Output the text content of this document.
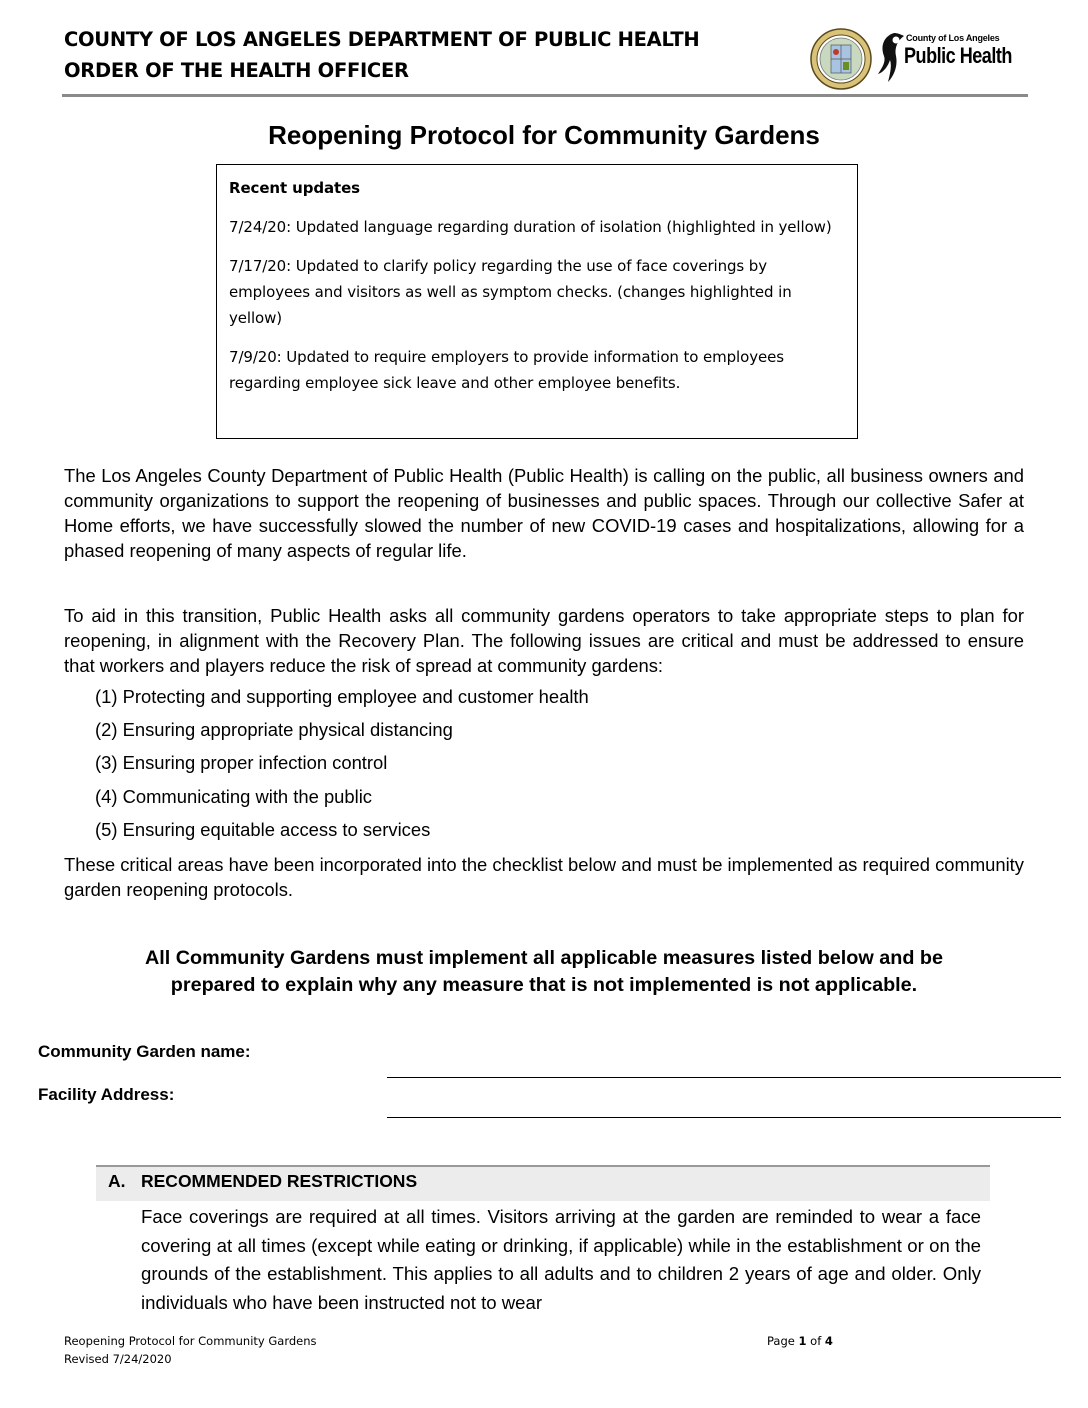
COUNTY OF LOS ANGELES DEPARTMENT OF PUBLIC HEALTH
ORDER OF THE HEALTH OFFICER
County of Los Angeles
Public Health
Reopening Protocol for Community Gardens
Recent updates

7/24/20: Updated language regarding duration of isolation (highlighted in yellow)

7/17/20: Updated to clarify policy regarding the use of face coverings by employees and visitors as well as symptom checks. (changes highlighted in yellow)

7/9/20: Updated to require employers to provide information to employees regarding employee sick leave and other employee benefits.

The Los Angeles County Department of Public Health (Public Health) is calling on the public, all business owners and community organizations to support the reopening of businesses and public spaces. Through our collective Safer at Home efforts, we have successfully slowed the number of new COVID-19 cases and hospitalizations, allowing for a phased reopening of many aspects of regular life.
To aid in this transition, Public Health asks all community gardens operators to take appropriate steps to plan for reopening, in alignment with the Recovery Plan. The following issues are critical and must be addressed to ensure that workers and players reduce the risk of spread at community gardens:
(1) Protecting and supporting employee and customer health
(2) Ensuring appropriate physical distancing
(3) Ensuring proper infection control
(4) Communicating with the public
(5) Ensuring equitable access to services
These critical areas have been incorporated into the checklist below and must be implemented as required community garden reopening protocols.
All Community Gardens must implement all applicable measures listed below and be
prepared to explain why any measure that is not implemented is not applicable.
Community Garden name:
Facility Address:
A. RECOMMENDED RESTRICTIONS
Face coverings are required at all times. Visitors arriving at the garden are reminded to wear a face covering at all times (except while eating or drinking, if applicable) while in the establishment or on the grounds of the establishment. This applies to all adults and to children 2 years of age and older. Only individuals who have been instructed not to wear
Reopening Protocol for Community Gardens
Revised 7/24/2020
Page 1 of 4
